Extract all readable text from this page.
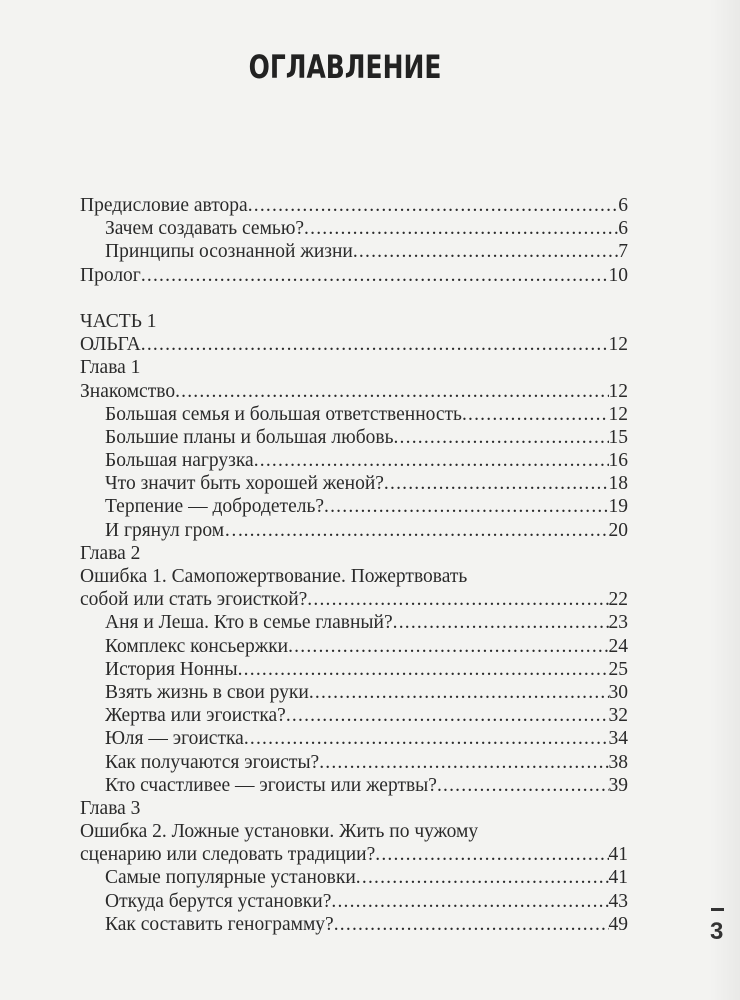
ОГЛАВЛЕНИЕ
Предисловие автора .....	6
Зачем создавать семью? .....	6
Принципы осознанной жизни .....	7
Пролог .....	10
ЧАСТЬ 1
ОЛЬГА .....	12
Глава 1
Знакомство .....	12
Большая семья и большая ответственность .....	12
Большие планы и большая любовь .....	15
Большая нагрузка .....	16
Что значит быть хорошей женой? .....	18
Терпение — добродетель? .....	19
И грянул гром… .....	20
Глава 2
Ошибка 1. Самопожертвование. Пожертвовать
собой или стать эгоисткой? .....	22
Аня и Леша. Кто в семье главный? .....	23
Комплекс консьержки .....	24
История Нонны .....	25
Взять жизнь в свои руки .....	30
Жертва или эгоистка? .....	32
Юля — эгоистка .....	34
Как получаются эгоисты? .....	38
Кто счастливее — эгоисты или жертвы? .....	39
Глава 3
Ошибка 2. Ложные установки. Жить по чужому
сценарию или следовать традиции? .....	41
Самые популярные установки .....	41
Откуда берутся установки? .....	43
Как составить генограмму? .....	49	3
